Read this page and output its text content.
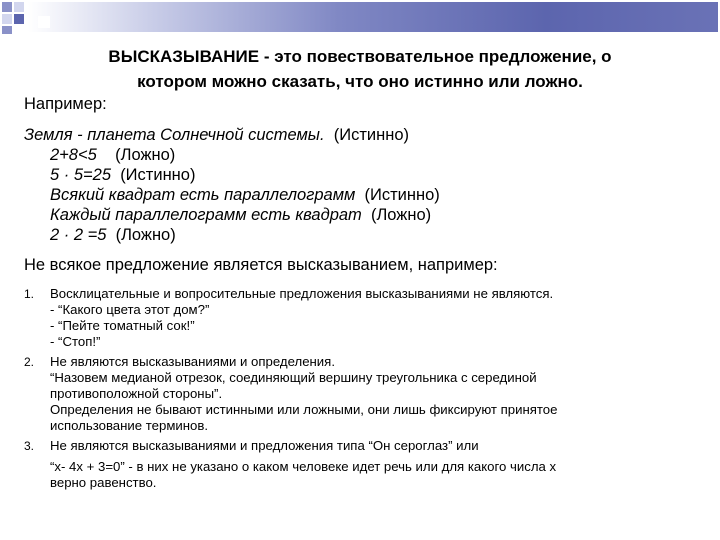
ВЫСКАЗЫВАНИЕ - это повествовательное предложение, о
котором можно сказать, что оно истинно или ложно.
Например:
Земля - планета Солнечной системы. (Истинно)
2+8<5 (Ложно)
5 · 5=25 (Истинно)
Всякий квадрат есть параллелограмм (Истинно)
Каждый параллелограмм есть квадрат (Ложно)
2 · 2 =5 (Ложно)
Не всякое предложение является высказыванием, например:
1. Восклицательные и вопросительные предложения высказываниями не являются.
- “Какого цвета этот дом?”
- “Пейте томатный сок!”
- “Стоп!”
2. Не являются высказываниями и определения.
“Назовем медианой отрезок, соединяющий вершину треугольника с серединой
противоположной стороны”.
Определения не бывают истинными или ложными, они лишь фиксируют принятое
использование терминов.
3. Не являются высказываниями и предложения типа “Он сероглаз” или
“х- 4х + 3=0” - в них не указано о каком человеке идет речь или для какого числа х
верно равенство.
